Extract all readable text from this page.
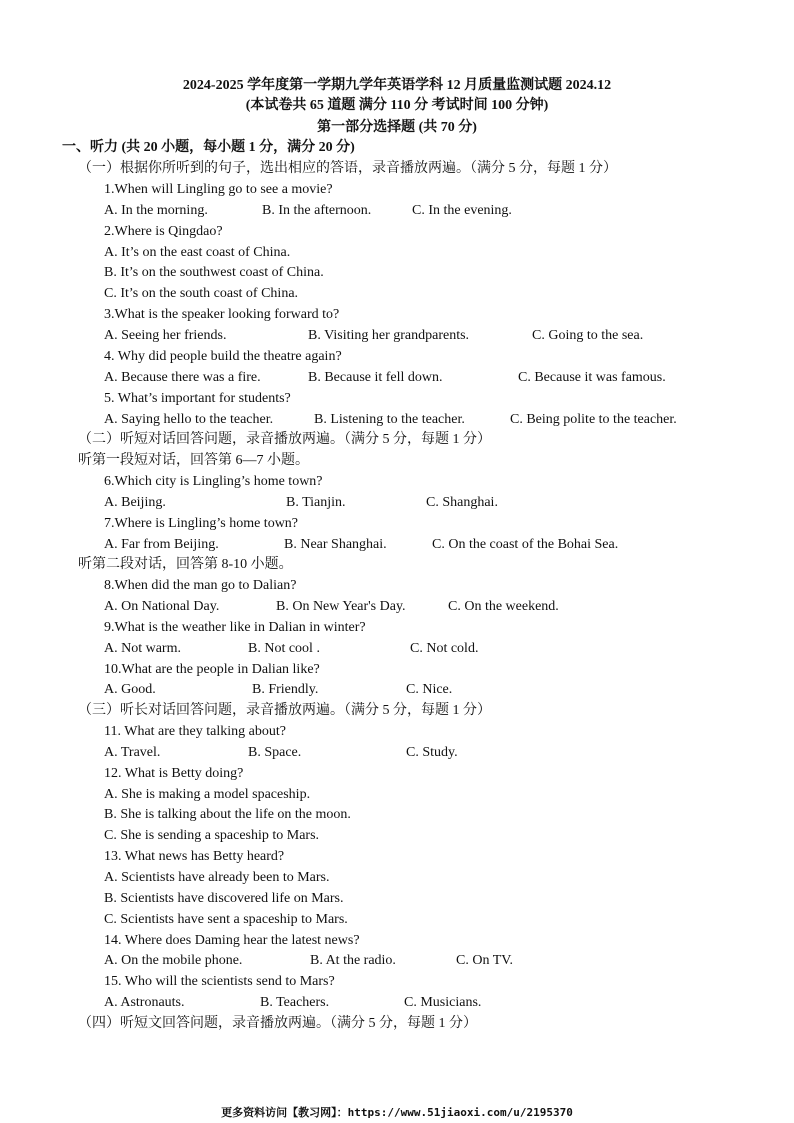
2024-2025 学年度第一学期九学年英语学科 12 月质量监测试题 2024.12
(本试卷共 65 道题 满分 110 分 考试时间 100 分钟)
第一部分选择题 (共 70 分)
一、听力 (共 20 小题，每小题 1 分，满分 20 分)
（一）根据你所听到的句子，选出相应的答语，录音播放两遍。（满分 5 分，每题 1 分）
1.When will Lingling go to see a movie?
A. In the morning.	B. In the afternoon.	C. In the evening.
2.Where is Qingdao?
A. It’s on the east coast of China.
B. It’s on the southwest coast of China.
C. It’s on the south coast of China.
3.What is the speaker looking forward to?
A. Seeing her friends.	B. Visiting her grandparents.	C. Going to the sea.
4. Why did people build the theatre again?
A. Because there was a fire.	B. Because it fell down.	C. Because it was famous.
5. What’s important for students?
A. Saying hello to the teacher.	B. Listening to the teacher.	C. Being polite to the teacher.
（二）听短对话回答问题，录音播放两遍。（满分 5 分，每题 1 分）
听第一段短对话，回答第 6—7 小题。
6.Which city is Lingling’s home town?
A. Beijing.	B. Tianjin.	C. Shanghai.
7.Where is Lingling’s home town?
A. Far from Beijing.	B. Near Shanghai.	C. On the coast of the Bohai Sea.
听第二段对话，回答第 8-10 小题。
8.When did the man go to Dalian?
A. On National Day.	B. On New Year's Day.	C. On the weekend.
9.What is the weather like in Dalian in winter?
A. Not warm.	B. Not cool .	C. Not cold.
10.What are the people in Dalian like?
A. Good.	B. Friendly.	C. Nice.
（三）听长对话回答问题，录音播放两遍。（满分 5 分，每题 1 分）
11. What are they talking about?
A. Travel.	B. Space.	C. Study.
12. What is Betty doing?
A. She is making a model spaceship.
B. She is talking about the life on the moon.
C. She is sending a spaceship to Mars.
13. What news has Betty heard?
A. Scientists have already been to Mars.
B. Scientists have discovered life on Mars.
C. Scientists have sent a spaceship to Mars.
14. Where does Daming hear the latest news?
A. On the mobile phone.	B. At the radio.	C. On TV.
15. Who will the scientists send to Mars?
A. Astronauts.	B. Teachers.	C. Musicians.
（四）听短文回答问题，录音播放两遍。（满分 5 分，每题 1 分）
更多资料访问【教习网】：https://www.51jiaoxi.com/u/2195370
